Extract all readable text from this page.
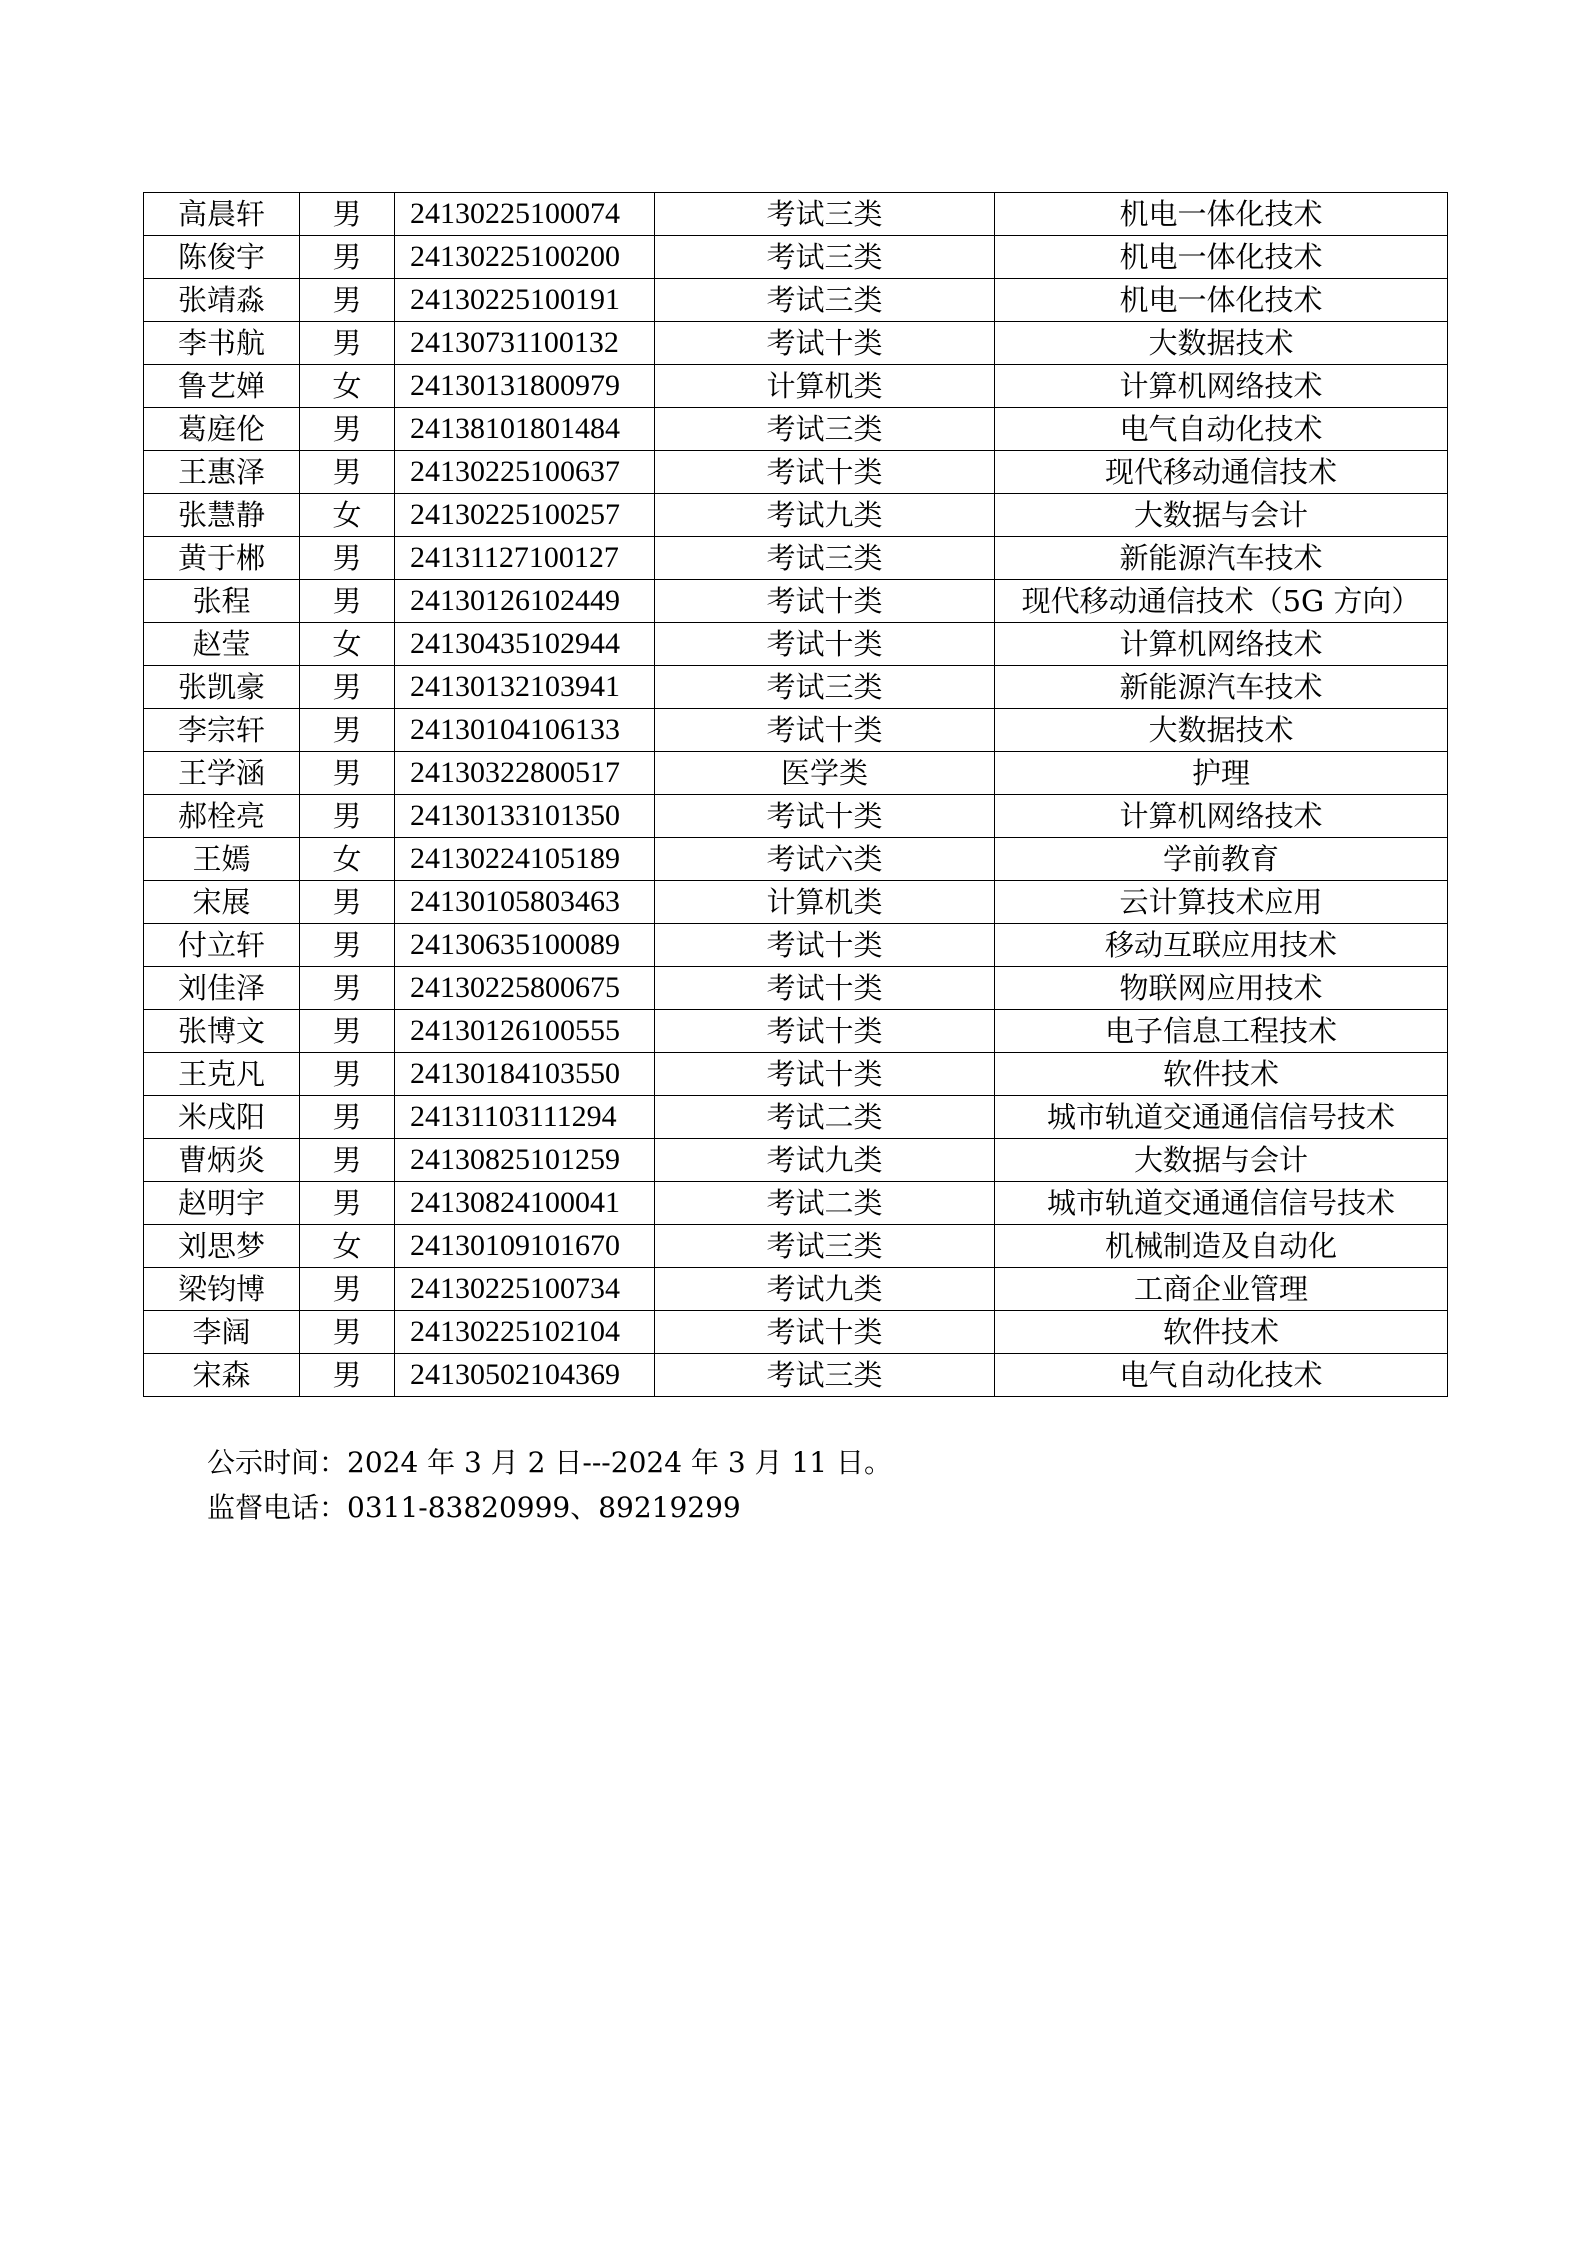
高晨轩	男	24130225100074	考试三类	机电一体化技术
陈俊宇	男	24130225100200	考试三类	机电一体化技术
张靖淼	男	24130225100191	考试三类	机电一体化技术
李书航	男	24130731100132	考试十类	大数据技术
鲁艺婵	女	24130131800979	计算机类	计算机网络技术
葛庭伦	男	24138101801484	考试三类	电气自动化技术
王惠泽	男	24130225100637	考试十类	现代移动通信技术
张慧静	女	24130225100257	考试九类	大数据与会计
黄于郴	男	24131127100127	考试三类	新能源汽车技术
张程	男	24130126102449	考试十类	现代移动通信技术（5G 方向）
赵莹	女	24130435102944	考试十类	计算机网络技术
张凯豪	男	24130132103941	考试三类	新能源汽车技术
李宗轩	男	24130104106133	考试十类	大数据技术
王学涵	男	24130322800517	医学类	护理
郝栓亮	男	24130133101350	考试十类	计算机网络技术
王嫣	女	24130224105189	考试六类	学前教育
宋展	男	24130105803463	计算机类	云计算技术应用
付立轩	男	24130635100089	考试十类	移动互联应用技术
刘佳泽	男	24130225800675	考试十类	物联网应用技术
张博文	男	24130126100555	考试十类	电子信息工程技术
王克凡	男	24130184103550	考试十类	软件技术
米戌阳	男	24131103111294	考试二类	城市轨道交通通信信号技术
曹炳炎	男	24130825101259	考试九类	大数据与会计
赵明宇	男	24130824100041	考试二类	城市轨道交通通信信号技术
刘思梦	女	24130109101670	考试三类	机械制造及自动化
梁钧博	男	24130225100734	考试九类	工商企业管理
李阔	男	24130225102104	考试十类	软件技术
宋森	男	24130502104369	考试三类	电气自动化技术
公示时间：2024 年 3 月 2 日---2024 年 3 月 11 日。
监督电话：0311-83820999、89219299
